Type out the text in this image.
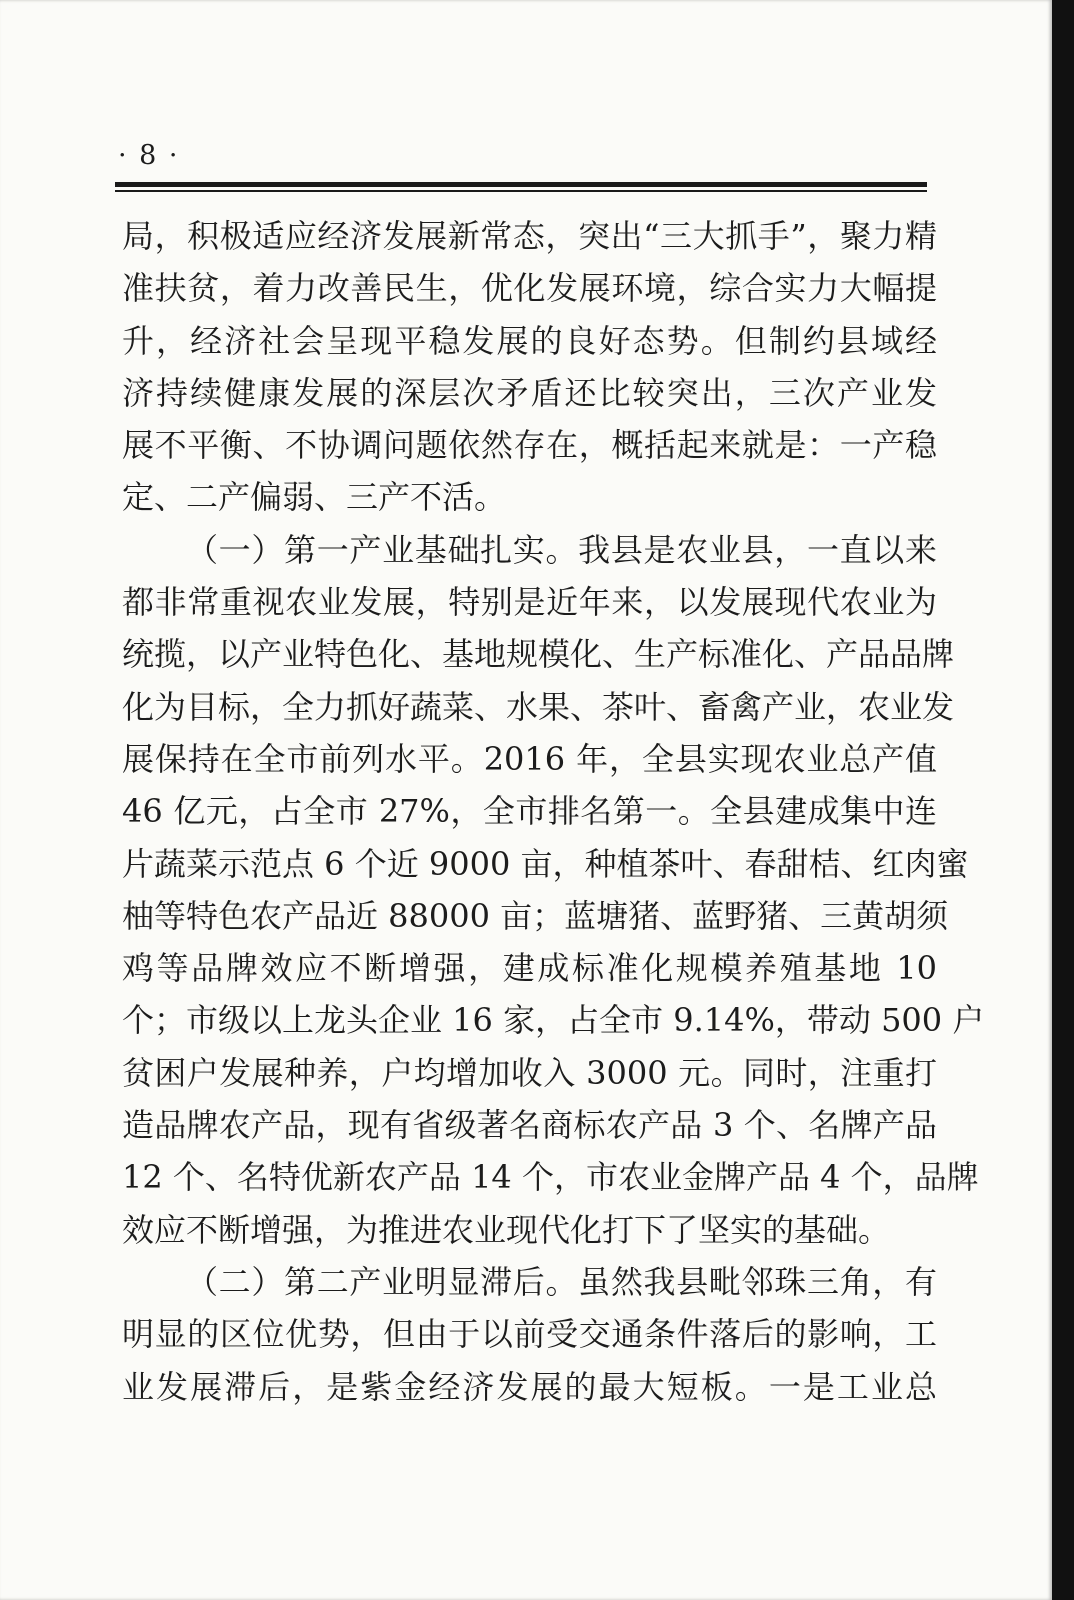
· 8 ·
局，积极适应经济发展新常态，突出“三大抓手”，聚力精
准扶贫，着力改善民生，优化发展环境，综合实力大幅提
升，经济社会呈现平稳发展的良好态势。但制约县域经
济持续健康发展的深层次矛盾还比较突出，三次产业发
展不平衡、不协调问题依然存在，概括起来就是：一产稳
定、二产偏弱、三产不活。
（一）第一产业基础扎实。我县是农业县，一直以来
都非常重视农业发展，特别是近年来，以发展现代农业为
统揽，以产业特色化、基地规模化、生产标准化、产品品牌
化为目标，全力抓好蔬菜、水果、茶叶、畜禽产业，农业发
展保持在全市前列水平。2016 年，全县实现农业总产值
46 亿元，占全市 27%，全市排名第一。全县建成集中连
片蔬菜示范点 6 个近 9000 亩，种植茶叶、春甜桔、红肉蜜
柚等特色农产品近 88000 亩；蓝塘猪、蓝野猪、三黄胡须
鸡等品牌效应不断增强，建成标准化规模养殖基地 10
个；市级以上龙头企业 16 家，占全市 9.14%，带动 500 户
贫困户发展种养，户均增加收入 3000 元。同时，注重打
造品牌农产品，现有省级著名商标农产品 3 个、名牌产品
12 个、名特优新农产品 14 个，市农业金牌产品 4 个，品牌
效应不断增强，为推进农业现代化打下了坚实的基础。
（二）第二产业明显滞后。虽然我县毗邻珠三角，有
明显的区位优势，但由于以前受交通条件落后的影响，工
业发展滞后，是紫金经济发展的最大短板。一是工业总
